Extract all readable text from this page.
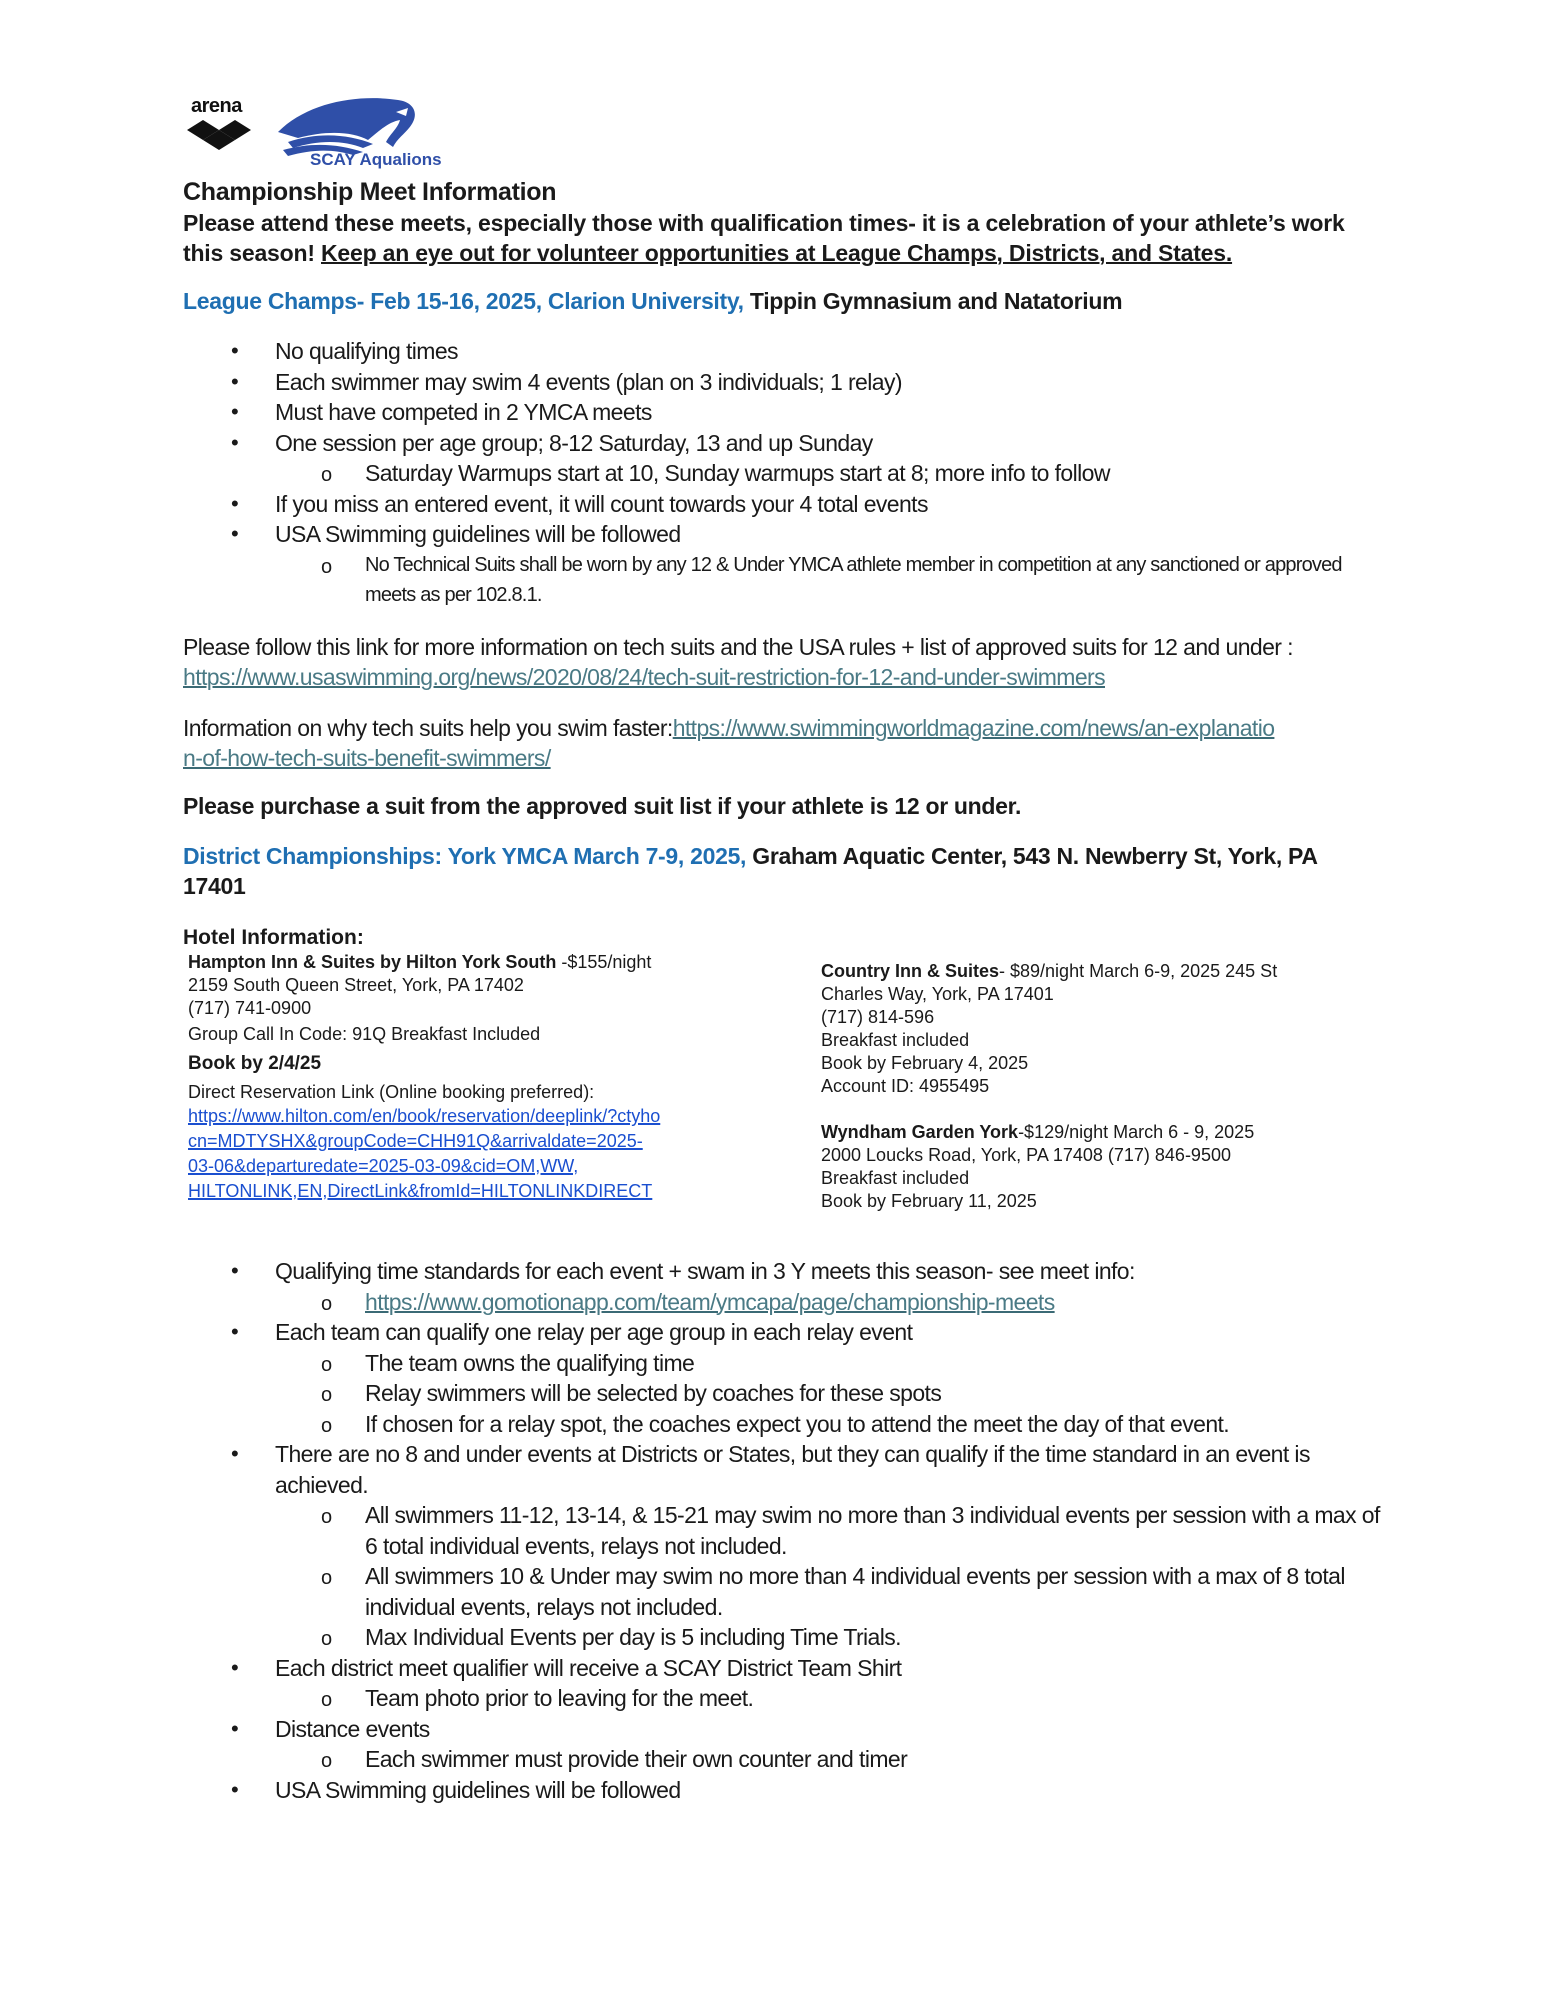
arena
SCAY Aqualions
Championship Meet Information
Please attend these meets, especially those with qualification times- it is a celebration of your athlete’s work this season! Keep an eye out for volunteer opportunities at League Champs, Districts, and States.
League Champs- Feb 15-16, 2025, Clarion University, Tippin Gymnasium and Natatorium
• No qualifying times
• Each swimmer may swim 4 events (plan on 3 individuals; 1 relay)
• Must have competed in 2 YMCA meets
• One session per age group; 8-12 Saturday, 13 and up Sunday
o Saturday Warmups start at 10, Sunday warmups start at 8; more info to follow
• If you miss an entered event, it will count towards your 4 total events
• USA Swimming guidelines will be followed
o No Technical Suits shall be worn by any 12 & Under YMCA athlete member in competition at any sanctioned or approved meets as per 102.8.1.
Please follow this link for more information on tech suits and the USA rules + list of approved suits for 12 and under : https://www.usaswimming.org/news/2020/08/24/tech-suit-restriction-for-12-and-under-swimmers
Information on why tech suits help you swim faster:https://www.swimmingworldmagazine.com/news/an-explanation-of-how-tech-suits-benefit-swimmers/
Please purchase a suit from the approved suit list if your athlete is 12 or under.
District Championships: York YMCA March 7-9, 2025, Graham Aquatic Center, 543 N. Newberry St, York, PA 17401
Hotel Information:
Hampton Inn & Suites by Hilton York South -$155/night
2159 South Queen Street, York, PA 17402
(717) 741-0900
Group Call In Code: 91Q Breakfast Included
Book by 2/4/25
Direct Reservation Link (Online booking preferred):
https://www.hilton.com/en/book/reservation/deeplink/?ctyho
cn=MDTYSHX&groupCode=CHH91Q&arrivaldate=2025-
03-06&departuredate=2025-03-09&cid=OM,WW,
HILTONLINK,EN,DirectLink&fromId=HILTONLINKDIRECT
Country Inn & Suites- $89/night March 6-9, 2025 245 St
Charles Way, York, PA 17401
(717) 814-596
Breakfast included
Book by February 4, 2025
Account ID: 4955495
Wyndham Garden York-$129/night March 6 - 9, 2025
2000 Loucks Road, York, PA 17408 (717) 846-9500
Breakfast included
Book by February 11, 2025
• Qualifying time standards for each event + swam in 3 Y meets this season- see meet info:
o https://www.gomotionapp.com/team/ymcapa/page/championship-meets
• Each team can qualify one relay per age group in each relay event
o The team owns the qualifying time
o Relay swimmers will be selected by coaches for these spots
o If chosen for a relay spot, the coaches expect you to attend the meet the day of that event.
• There are no 8 and under events at Districts or States, but they can qualify if the time standard in an event is achieved.
o All swimmers 11-12, 13-14, & 15-21 may swim no more than 3 individual events per session with a max of 6 total individual events, relays not included.
o All swimmers 10 & Under may swim no more than 4 individual events per session with a max of 8 total individual events, relays not included.
o Max Individual Events per day is 5 including Time Trials.
• Each district meet qualifier will receive a SCAY District Team Shirt
o Team photo prior to leaving for the meet.
• Distance events
o Each swimmer must provide their own counter and timer
• USA Swimming guidelines will be followed
